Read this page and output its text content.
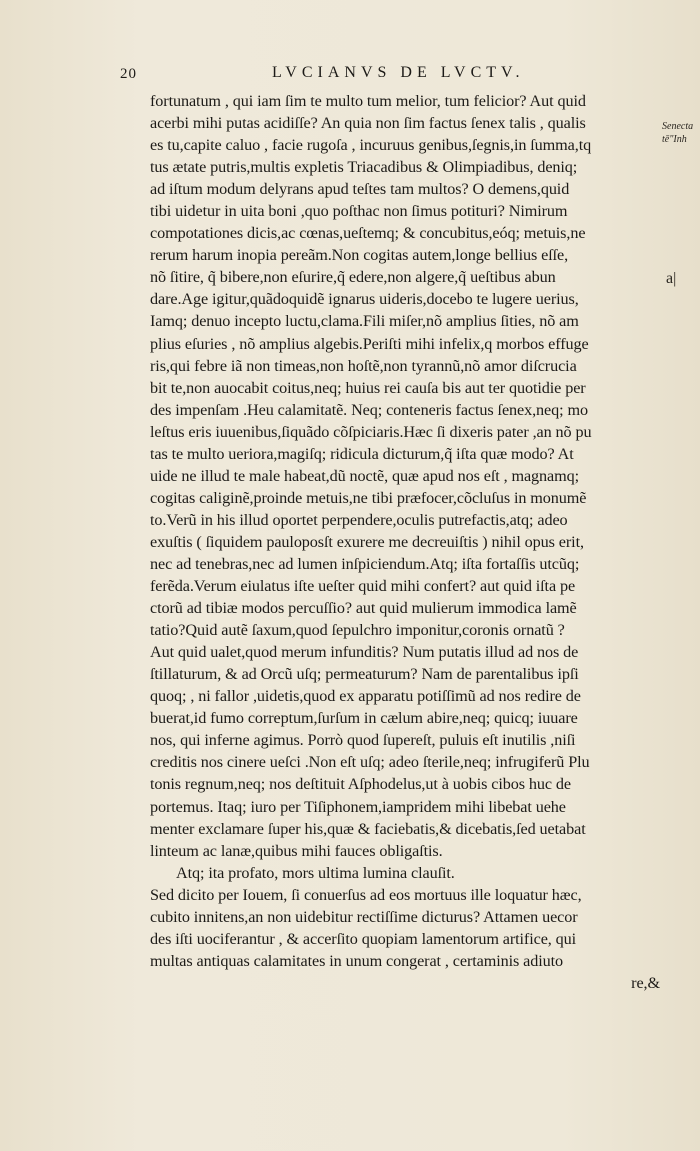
20	LVCIANVS DE LVCTV.
fortunatum , qui iam ſim te multo tum melior, tum felicior? Aut quid
acerbi mihi putas acidiſſe? An quia non ſim factus ſenex talis , qualis
es tu,capite caluo , facie rugoſa , incuruus genibus,ſegnis,in ſumma,tq
tus ætate putris,multis expletis Triacadibus & Olimpiadibus, deniq;
ad iſtum modum delyrans apud teſtes tam multos? O demens,quid
tibi uidetur in uita boni ,quo poſthac non ſimus potituri? Nimirum
compotationes dicis,ac cœnas,ueſtemq; & concubitus,eóq; metuis,ne
rerum harum inopia pereãm.Non cogitas autem,longe bellius eſſe,
nõ ſitire, q̃ bibere,non eſurire,q̃ edere,non algere,q̃ ueſtibus abun
dare.Age igitur,quãdoquidẽ ignarus uideris,docebo te lugere uerius,
Iamq; denuo incepto luctu,clama.Fili miſer,nõ amplius ſities, nõ am
plius eſuries , nõ amplius algebis.Periſti mihi infelix,q morbos effuge
ris,qui febre iã non timeas,non hoſtẽ,non tyrannũ,nõ amor diſcrucia
bit te,non auocabit coitus,neq; huius rei cauſa bis aut ter quotidie per
des impenſam .Heu calamitatẽ. Neq; conteneris factus ſenex,neq; mo
leſtus eris iuuenibus,ſiquãdo cõſpiciaris.Hæc ſi dixeris pater ,an nõ pu
tas te multo ueriora,magiſq; ridicula dicturum,q̃ iſta quæ modo? At
uide ne illud te male habeat,dũ noctẽ, quæ apud nos eſt , magnamq;
cogitas caliginẽ,proinde metuis,ne tibi præfocer,cõcluſus in monumẽ
to.Verũ in his illud oportet perpendere,oculis putrefactis,atq; adeo
exuſtis ( ſiquidem pauloposſt exurere me decreuiſtis ) nihil opus erit,
nec ad tenebras,nec ad lumen inſpiciendum.Atq; iſta fortaſſis utcũq;
ferẽda.Verum eiulatus iſte ueſter quid mihi confert? aut quid iſta pe
ctorũ ad tibiæ modos percuſſio? aut quid mulierum immodica lamẽ
tatio?Quid autẽ ſaxum,quod ſepulchro imponitur,coronis ornatũ ?
Aut quid ualet,quod merum infunditis? Num putatis illud ad nos de
ſtillaturum, & ad Orcũ uſq; permeaturum? Nam de parentalibus ipſi
quoq; , ni fallor ,uidetis,quod ex apparatu potiſſimũ ad nos redire de
buerat,id fumo correptum,ſurſum in cælum abire,neq; quicq; iuuare
nos, qui inferne agimus. Porrò quod ſupereſt, puluis eſt inutilis ,niſi
creditis nos cinere ueſci .Non eſt uſq; adeo ſterile,neq; infrugiferũ Plu
tonis regnum,neq; nos deſtituit Aſphodelus,ut à uobis cibos huc de
portemus. Itaq; iuro per Tiſiphonem,iampridem mihi libebat uehe
menter exclamare ſuper his,quæ & faciebatis,& dicebatis,ſed uetabat
linteum ac lanæ,quibus mihi fauces obligaſtis.
Atq; ita profato, mors ultima lumina clauſit.
Sed dicito per Iouem, ſi conuerſus ad eos mortuus ille loquatur hæc,
cubito innitens,an non uidebitur rectiſſime dicturus? Attamen uecor
des iſti uociferantur , & accerſito quopiam lamentorum artifice, qui
multas antiquas calamitates in unum congerat , certaminis adiuto
re,&
Senecta
tē"Inh
a|
